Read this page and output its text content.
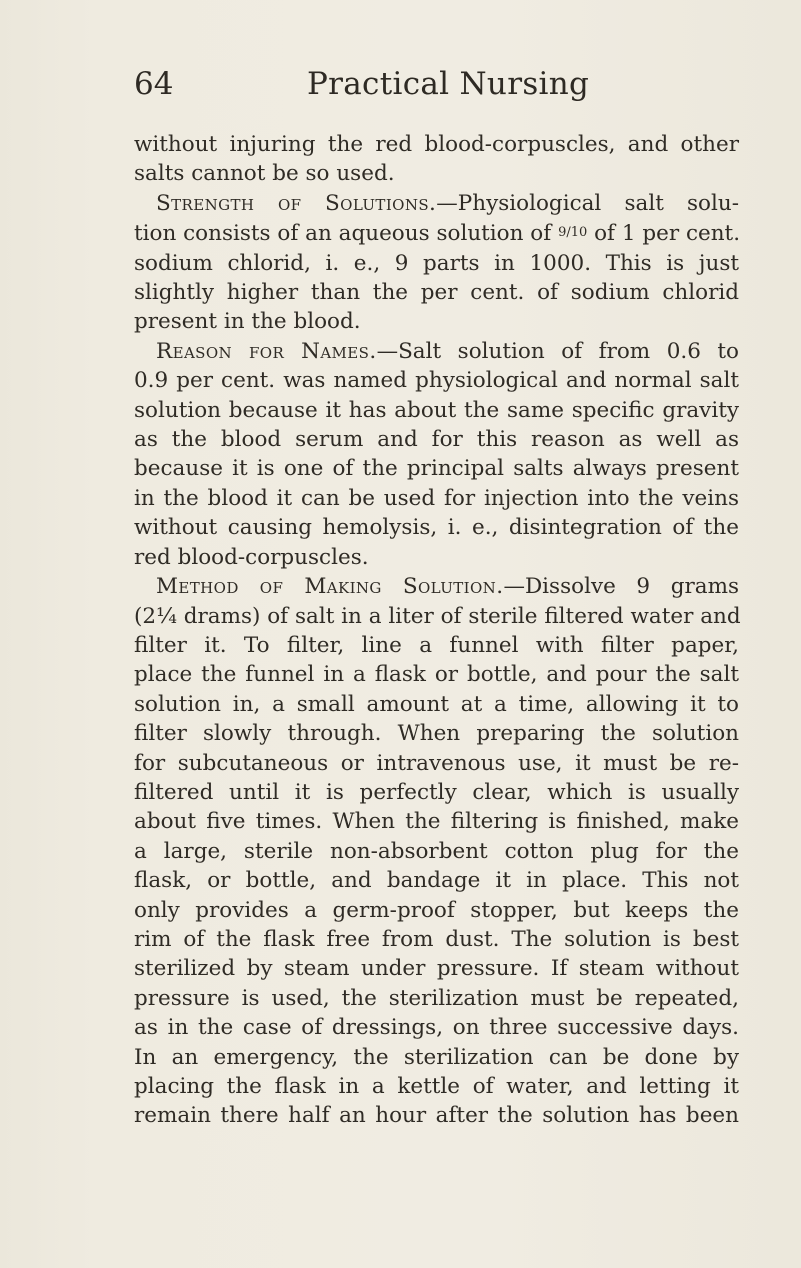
64	Practical Nursing
without injuring the red blood-corpuscles, and other
salts cannot be so used.
Strength of Solutions.—Physiological salt solu-
tion consists of an aqueous solution of 9/10 of 1 per cent.
sodium chlorid, i. e., 9 parts in 1000. This is just
slightly higher than the per cent. of sodium chlorid
present in the blood.
Reason for Names.—Salt solution of from 0.6 to
0.9 per cent. was named physiological and normal salt
solution because it has about the same specific gravity
as the blood serum and for this reason as well as
because it is one of the principal salts always present
in the blood it can be used for injection into the veins
without causing hemolysis, i. e., disintegration of the
red blood-corpuscles.
Method of Making Solution.—Dissolve 9 grams
(2¼ drams) of salt in a liter of sterile filtered water and
filter it. To filter, line a funnel with filter paper,
place the funnel in a flask or bottle, and pour the salt
solution in, a small amount at a time, allowing it to
filter slowly through. When preparing the solution
for subcutaneous or intravenous use, it must be re-
filtered until it is perfectly clear, which is usually
about five times. When the filtering is finished, make
a large, sterile non-absorbent cotton plug for the
flask, or bottle, and bandage it in place. This not
only provides a germ-proof stopper, but keeps the
rim of the flask free from dust. The solution is best
sterilized by steam under pressure. If steam without
pressure is used, the sterilization must be repeated,
as in the case of dressings, on three successive days.
In an emergency, the sterilization can be done by
placing the flask in a kettle of water, and letting it
remain there half an hour after the solution has been
